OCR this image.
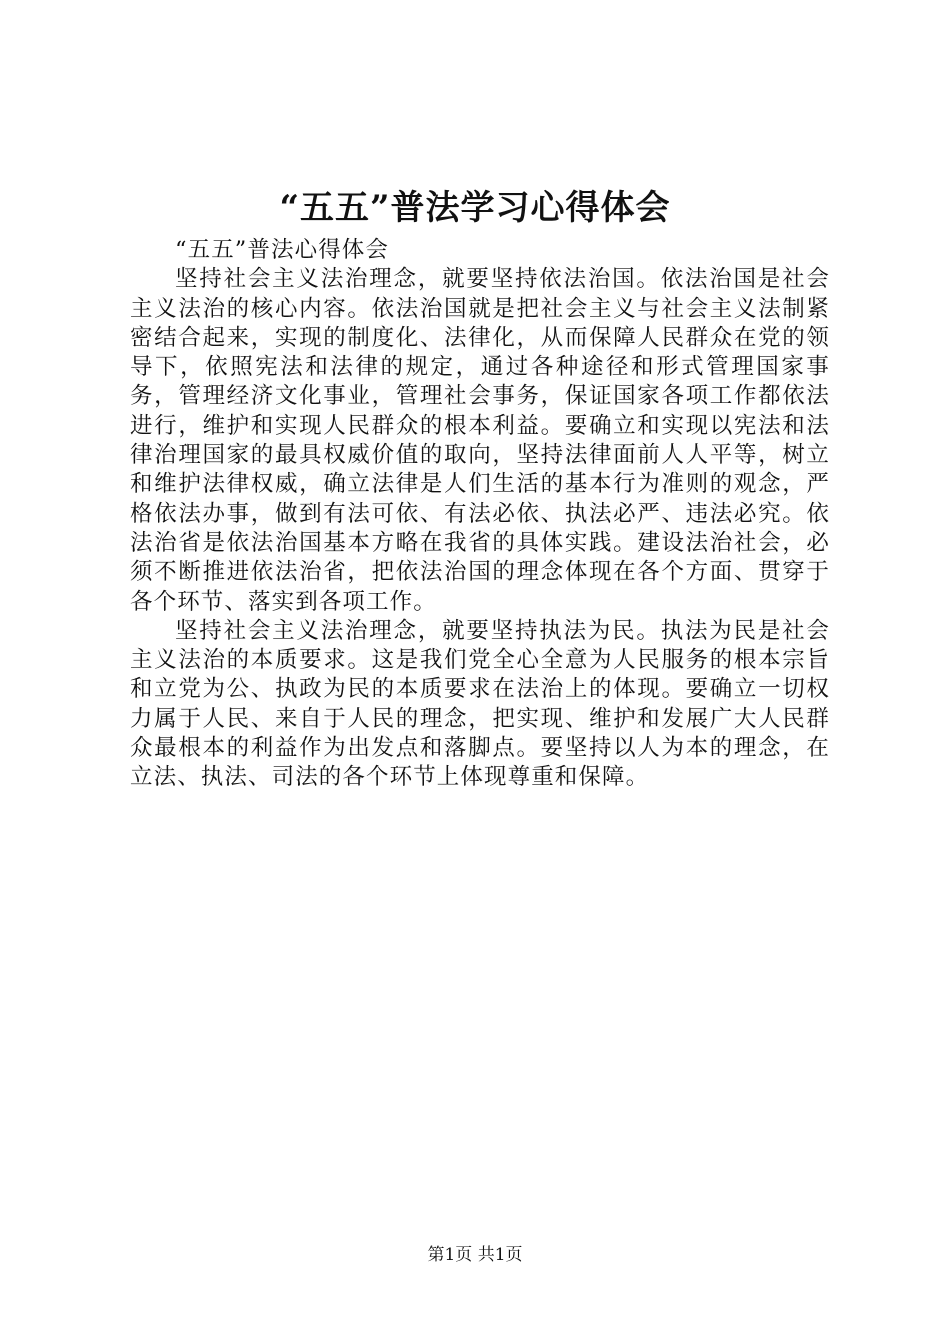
“五五”普法学习心得体会

“五五”普法心得体会

坚持社会主义法治理念，就要坚持依法治国。依法治国是社会主义法治的核心内容。依法治国就是把社会主义与社会主义法制紧密结合起来，实现的制度化、法律化，从而保障人民群众在党的领导下，依照宪法和法律的规定，通过各种途径和形式管理国家事务，管理经济文化事业，管理社会事务，保证国家各项工作都依法进行，维护和实现人民群众的根本利益。要确立和实现以宪法和法律治理国家的最具权威价值的取向，坚持法律面前人人平等，树立和维护法律权威，确立法律是人们生活的基本行为准则的观念，严格依法办事，做到有法可依、有法必依、执法必严、违法必究。依法治省是依法治国基本方略在我省的具体实践。建设法治社会，必须不断推进依法治省，把依法治国的理念体现在各个方面、贯穿于各个环节、落实到各项工作。

坚持社会主义法治理念，就要坚持执法为民。执法为民是社会主义法治的本质要求。这是我们党全心全意为人民服务的根本宗旨和立党为公、执政为民的本质要求在法治上的体现。要确立一切权力属于人民、来自于人民的理念，把实现、维护和发展广大人民群众最根本的利益作为出发点和落脚点。要坚持以人为本的理念，在立法、执法、司法的各个环节上体现尊重和保障。

第1页 共1页
